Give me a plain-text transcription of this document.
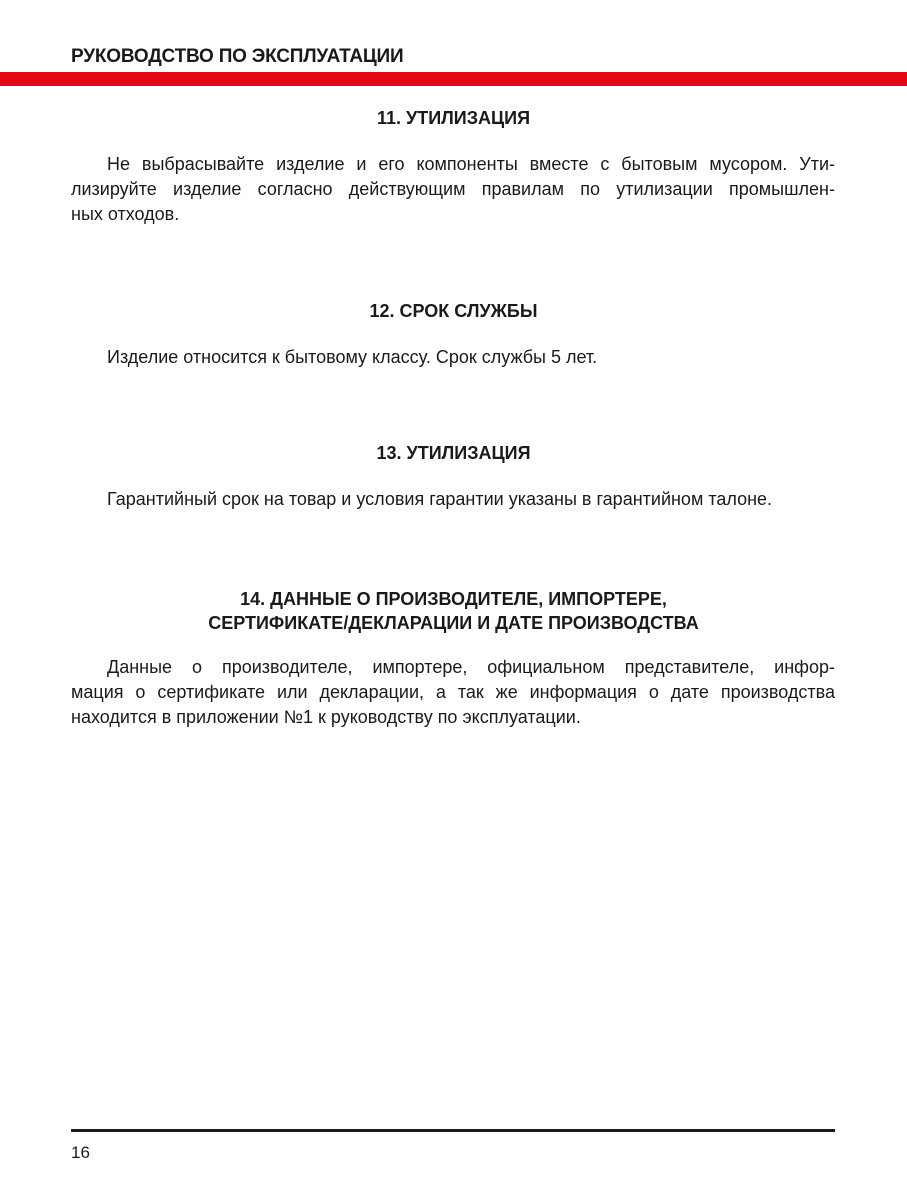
РУКОВОДСТВО ПО ЭКСПЛУАТАЦИИ
11. УТИЛИЗАЦИЯ
Не выбрасывайте изделие и его компоненты вместе с бытовым мусором. Ути-
лизируйте изделие согласно действующим правилам по утилизации промышлен-
ных отходов.
12. СРОК СЛУЖБЫ
Изделие относится к бытовому классу. Срок службы 5 лет.
13. УТИЛИЗАЦИЯ
Гарантийный срок на товар и условия гарантии указаны в гарантийном талоне.
14. ДАННЫЕ О ПРОИЗВОДИТЕЛЕ, ИМПОРТЕРЕ,
СЕРТИФИКАТЕ/ДЕКЛАРАЦИИ И ДАТЕ ПРОИЗВОДСТВА
Данные о производителе, импортере, официальном представителе, инфор-
мация о сертификате или декларации, а так же информация о дате производства
находится в приложении №1 к руководству по эксплуатации.
16
